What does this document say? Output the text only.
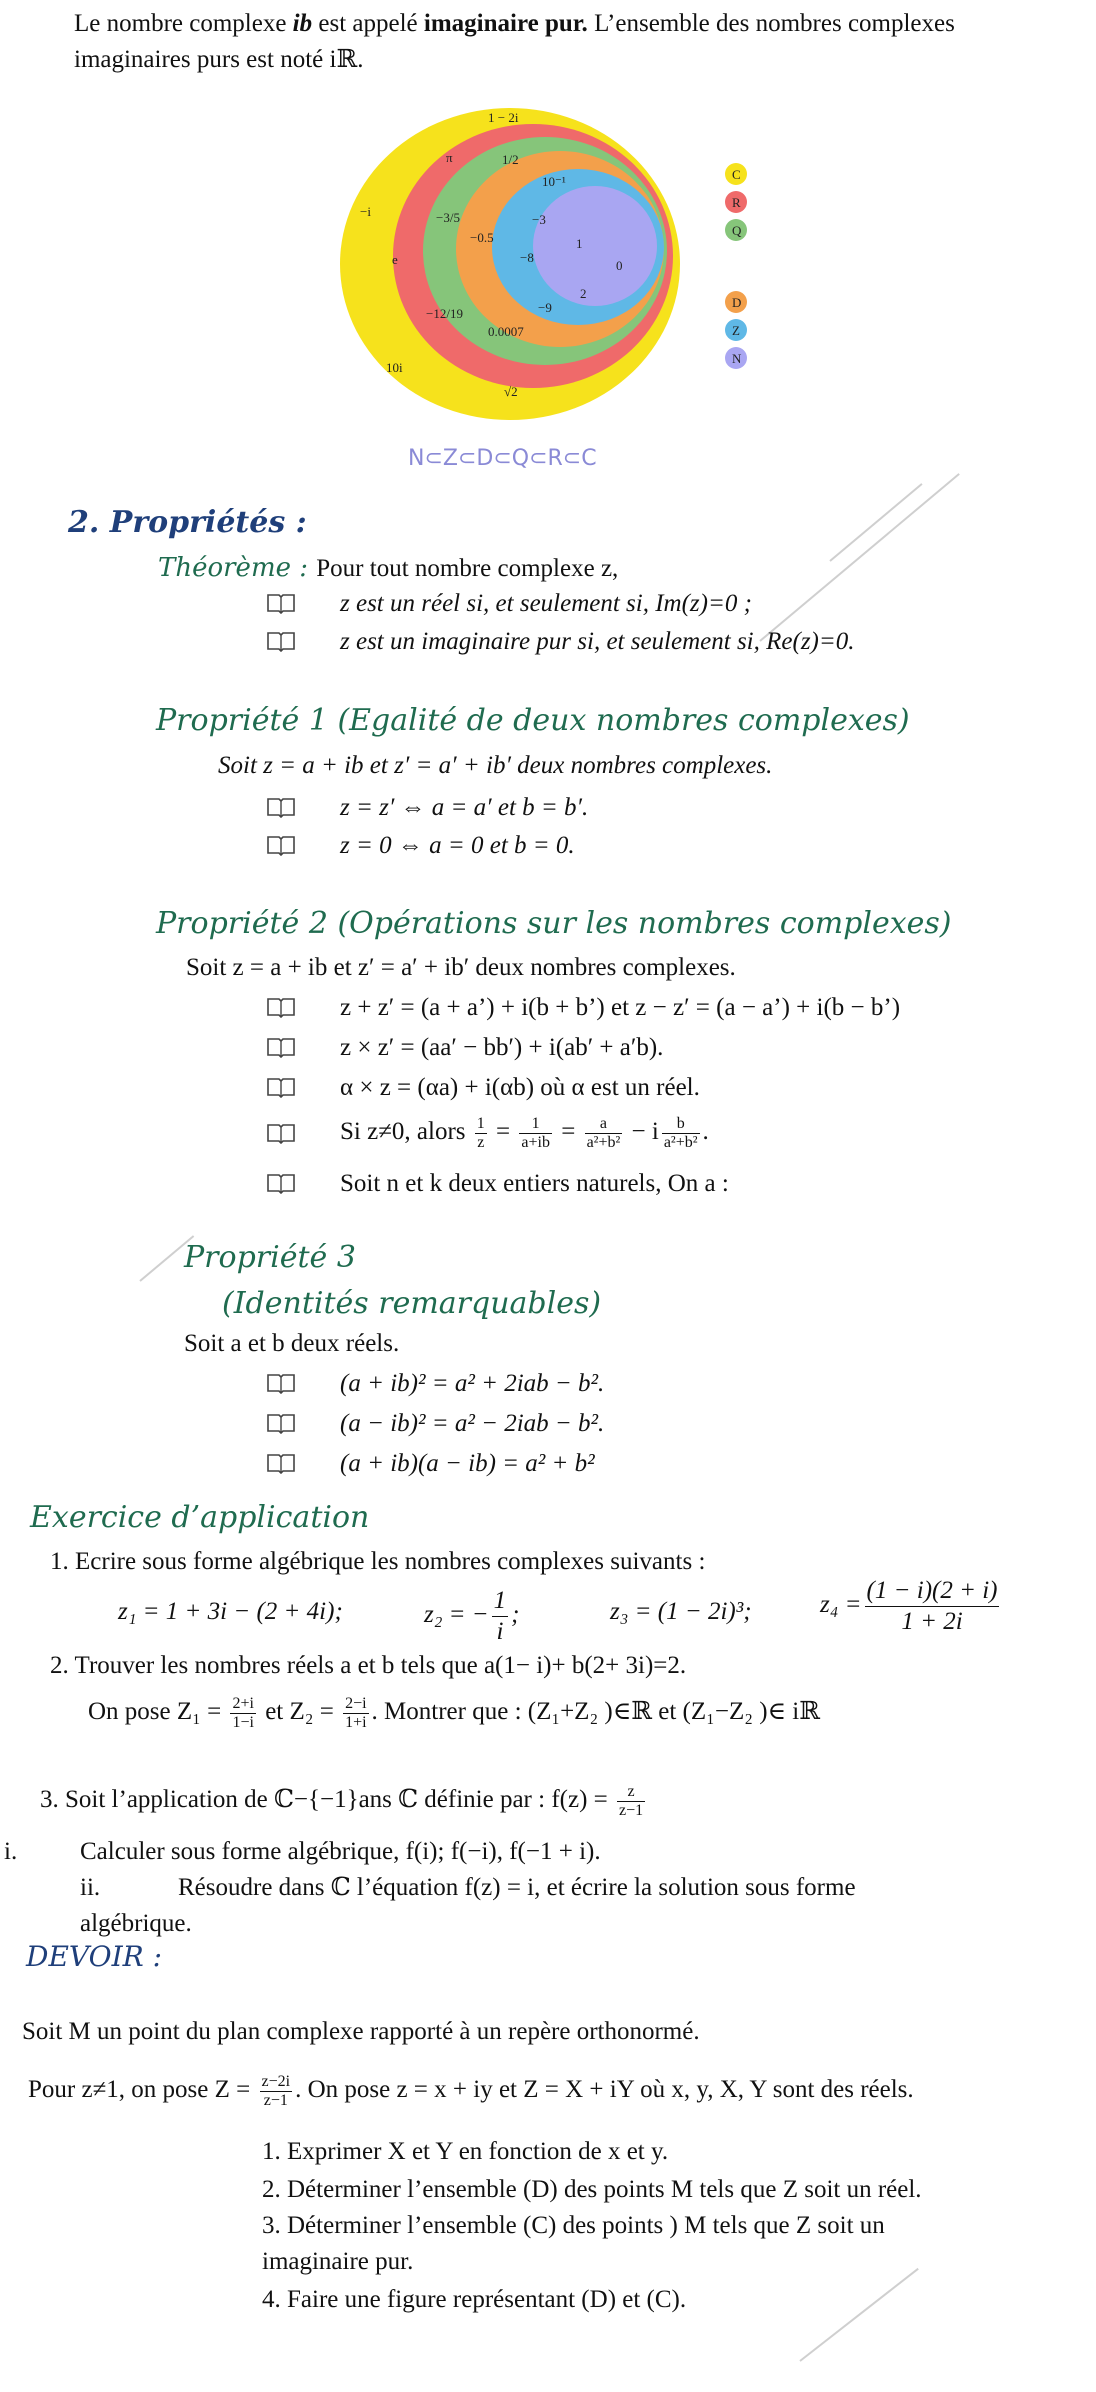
Le nombre complexe ib est appelé imaginaire pur. L’ensemble des nombres complexes
imaginaires purs est noté iℝ.
1 − 2i
π	1/2
10⁻¹
−i	−3/5	−3
−0.5	1
e	−8
0
2
−12/19	−9
0.0007
10i
√2
C
R
Q
D
Z
N
N⊂Z⊂D⊂Q⊂R⊂C
2. Propriétés :
Théorème : Pour tout nombre complexe z,
z est un réel si, et seulement si, Im(z)=0 ;
z est un imaginaire pur si, et seulement si, Re(z)=0.
Propriété 1 (Egalité de deux nombres complexes)
Soit z = a + ib et z′ = a′ + ib′ deux nombres complexes.
z = z′ ⇔ a = a′ et b = b′.
z = 0 ⇔ a = 0 et b = 0.
Propriété 2 (Opérations sur les nombres complexes)
Soit z = a + ib et z′ = a′ + ib′ deux nombres complexes.
z + z′ = (a + a’) + i(b + b’) et z − z′ = (a − a’) + i(b − b’)
z × z′ = (aa′ − bb′) + i(ab′ + a′b).
α × z = (αa) + i(αb) où α est un réel.
Si z≠0, alors $\frac{1}{z} = \frac{1}{a+ib} = \frac{a}{\text{a²+b²}} - i \frac{b}{\text{a²+b²}}$ .
Soit n et k deux entiers naturels, On a :
Propriété 3
(Identités remarquables)
Soit a et b deux réels.
(a + ib)² = a² + 2iab − b².
(a − ib)² = a² − 2iab − b².
(a + ib)(a − ib) = a² + b²
Exercice d’application
1. Ecrire sous forme algébrique les nombres complexes suivants :
z₁ = 1 + 3i − (2 + 4i);	z₂ = − $\frac{1}{i}$ ;	z₃ = (1 − 2i)³;	$z_4 = \frac{(1 - i)(2 + i)}{1 + 2i}$
2. Trouver les nombres réels a et b tels que a(1− i)+ b(2+ 3i)=2.
On pose $Z_1 = \frac{2+i}{1-i}$ et $Z_2 = \frac{2-i}{1+i}$ . Montrer que : (Z₁+Z₂ )∈ℝ et (Z₁−Z₂ )∈ iℝ
3. Soit l’application de ℂ−{−1}ans ℂ définie par : $f(z) = \frac{z}{z-1}$
i.	Calculer sous forme algébrique, f(i); f(−i), f(−1 + i).
ii.	Résoudre dans ℂ l’équation f(z) = i, et écrire la solution sous forme
algébrique.
DEVOIR :
Soit M un point du plan complexe rapporté à un repère orthonormé.
Pour z≠1, on pose $Z = \frac{z-2i}{z-1}$ . On pose z = x + iy et Z = X + iY où x, y, X, Y sont des réels.
1. Exprimer X et Y en fonction de x et y.
2. Déterminer l’ensemble (D) des points M tels que Z soit un réel.
3. Déterminer l’ensemble (C) des points ) M tels que Z soit un
imaginaire pur.
4. Faire une figure représentant (D) et (C).
